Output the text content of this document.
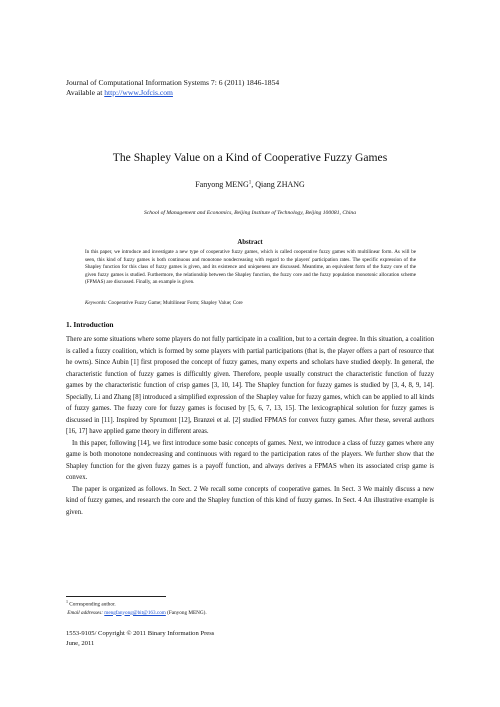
Journal of Computational Information Systems 7: 6 (2011) 1846-1854
Available at http://www.Jofcis.com
The Shapley Value on a Kind of Cooperative Fuzzy Games
Fanyong MENG$^1$, Qiang ZHANG
School of Management and Economics, Beijing Institute of Technology, Beijing 100081, China
Abstract
In this paper, we introduce and investigate a new type of cooperative fuzzy games, which is called cooperative fuzzy games with multilinear form. As will be seen, this kind of fuzzy games is both continuous and monotone nondecreasing with regard to the players' participation rates. The specific expression of the Shapley function for this class of fuzzy games is given, and its existence and uniqueness are discussed. Meantime, an equivalent form of the fuzzy core of the given fuzzy games is studied. Furthermore, the relationship between the Shapley function, the fuzzy core and the fuzzy population monotonic allocation scheme (FPMAS) are discussed. Finally, an example is given.
Keywords: Cooperative Fuzzy Game; Multilinear Form; Shapley Value; Core
1. Introduction

There are some situations where some players do not fully participate in a coalition, but to a certain degree. In this situation, a coalition is called a fuzzy coalition, which is formed by some players with partial participations (that is, the player offers a part of resource that he owns). Since Aubin [1] first proposed the concept of fuzzy games, many experts and scholars have studied deeply. In general, the characteristic function of fuzzy games is difficultly given. Therefore, people usually construct the characteristic function of fuzzy games by the characteristic function of crisp games [3, 10, 14]. The Shapley function for fuzzy games is studied by [3, 4, 8, 9, 14]. Specially, Li and Zhang [8] introduced a simplified expression of the Shapley value for fuzzy games, which can be applied to all kinds of fuzzy games. The fuzzy core for fuzzy games is focused by [5, 6, 7, 13, 15]. The lexicographical solution for fuzzy games is discussed in [11]. Inspired by Sprumont [12], Branzei et al. [2] studied FPMAS for convex fuzzy games. After these, several authors [16, 17] have applied game theory in different areas.

In this paper, following [14], we first introduce some basic concepts of games. Next, we introduce a class of fuzzy games where any game is both monotone nondecreasing and continuous with regard to the participation rates of the players. We further show that the Shapley function for the given fuzzy games is a payoff function, and always derives a FPMAS when its associated crisp game is convex.

The paper is organized as follows. In Sect. 2 We recall some concepts of cooperative games. In Sect. 3 We mainly discuss a new kind of fuzzy games, and research the core and the Shapley function of this kind of fuzzy games. In Sect. 4 An illustrative example is given.

$^1$ Corresponding author.
Email addresses: mengfanyong@bit@163.com (Fanyong MENG).
1553-9105/ Copyright © 2011 Binary Information Press
June, 2011
